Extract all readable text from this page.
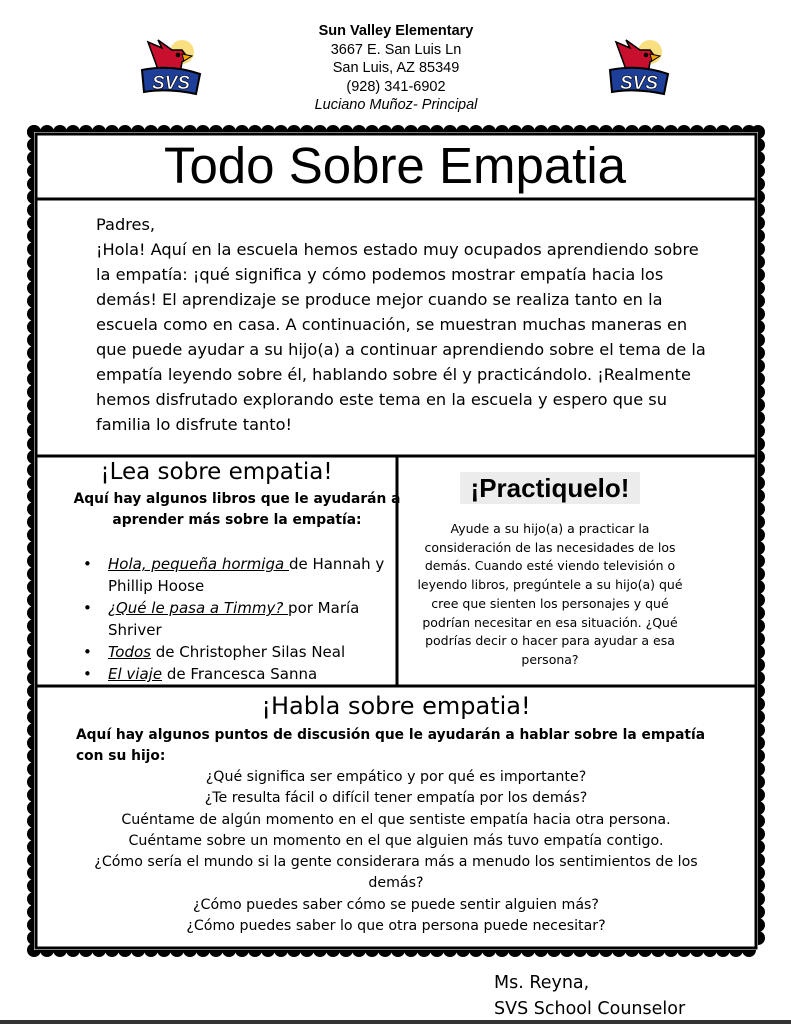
SVS	SVS
Sun Valley Elementary
3667 E. San Luis Ln
San Luis, AZ 85349
(928) 341-6902
Luciano Muñoz- Principal
Todo Sobre Empatia

Padres,

¡Hola! Aquí en la escuela hemos estado muy ocupados aprendiendo sobre la empatía: ¡qué significa y cómo podemos mostrar empatía hacia los demás! El aprendizaje se produce mejor cuando se realiza tanto en la escuela como en casa. A continuación, se muestran muchas maneras en que puede ayudar a su hijo(a) a continuar aprendiendo sobre el tema de la empatía leyendo sobre él, hablando sobre él y practicándolo. ¡Realmente hemos disfrutado explorando este tema en la escuela y espero que su familia lo disfrute tanto!

¡Lea sobre empatia!
Aquí hay algunos libros que le ayudarán a aprender más sobre la empatía:
• Hola, pequeña hormiga de Hannah y Phillip Hoose
• ¿Qué le pasa a Timmy? por María Shriver
• Todos de Christopher Silas Neal
• El viaje de Francesca Sanna
¡Practiquelo!
Ayude a su hijo(a) a practicar la consideración de las necesidades de los demás. Cuando esté viendo televisión o leyendo libros, pregúntele a su hijo(a) qué cree que sienten los personajes y qué podrían necesitar en esa situación. ¿Qué podrías decir o hacer para ayudar a esa persona?
¡Habla sobre empatia!
Aquí hay algunos puntos de discusión que le ayudarán a hablar sobre la empatía con su hijo:
¿Qué significa ser empático y por qué es importante?
¿Te resulta fácil o difícil tener empatía por los demás?
Cuéntame de algún momento en el que sentiste empatía hacia otra persona.
Cuéntame sobre un momento en el que alguien más tuvo empatía contigo.
¿Cómo sería el mundo si la gente considerara más a menudo los sentimientos de los demás?
¿Cómo puedes saber cómo se puede sentir alguien más?
¿Cómo puedes saber lo que otra persona puede necesitar?
Ms. Reyna,
SVS School Counselor
